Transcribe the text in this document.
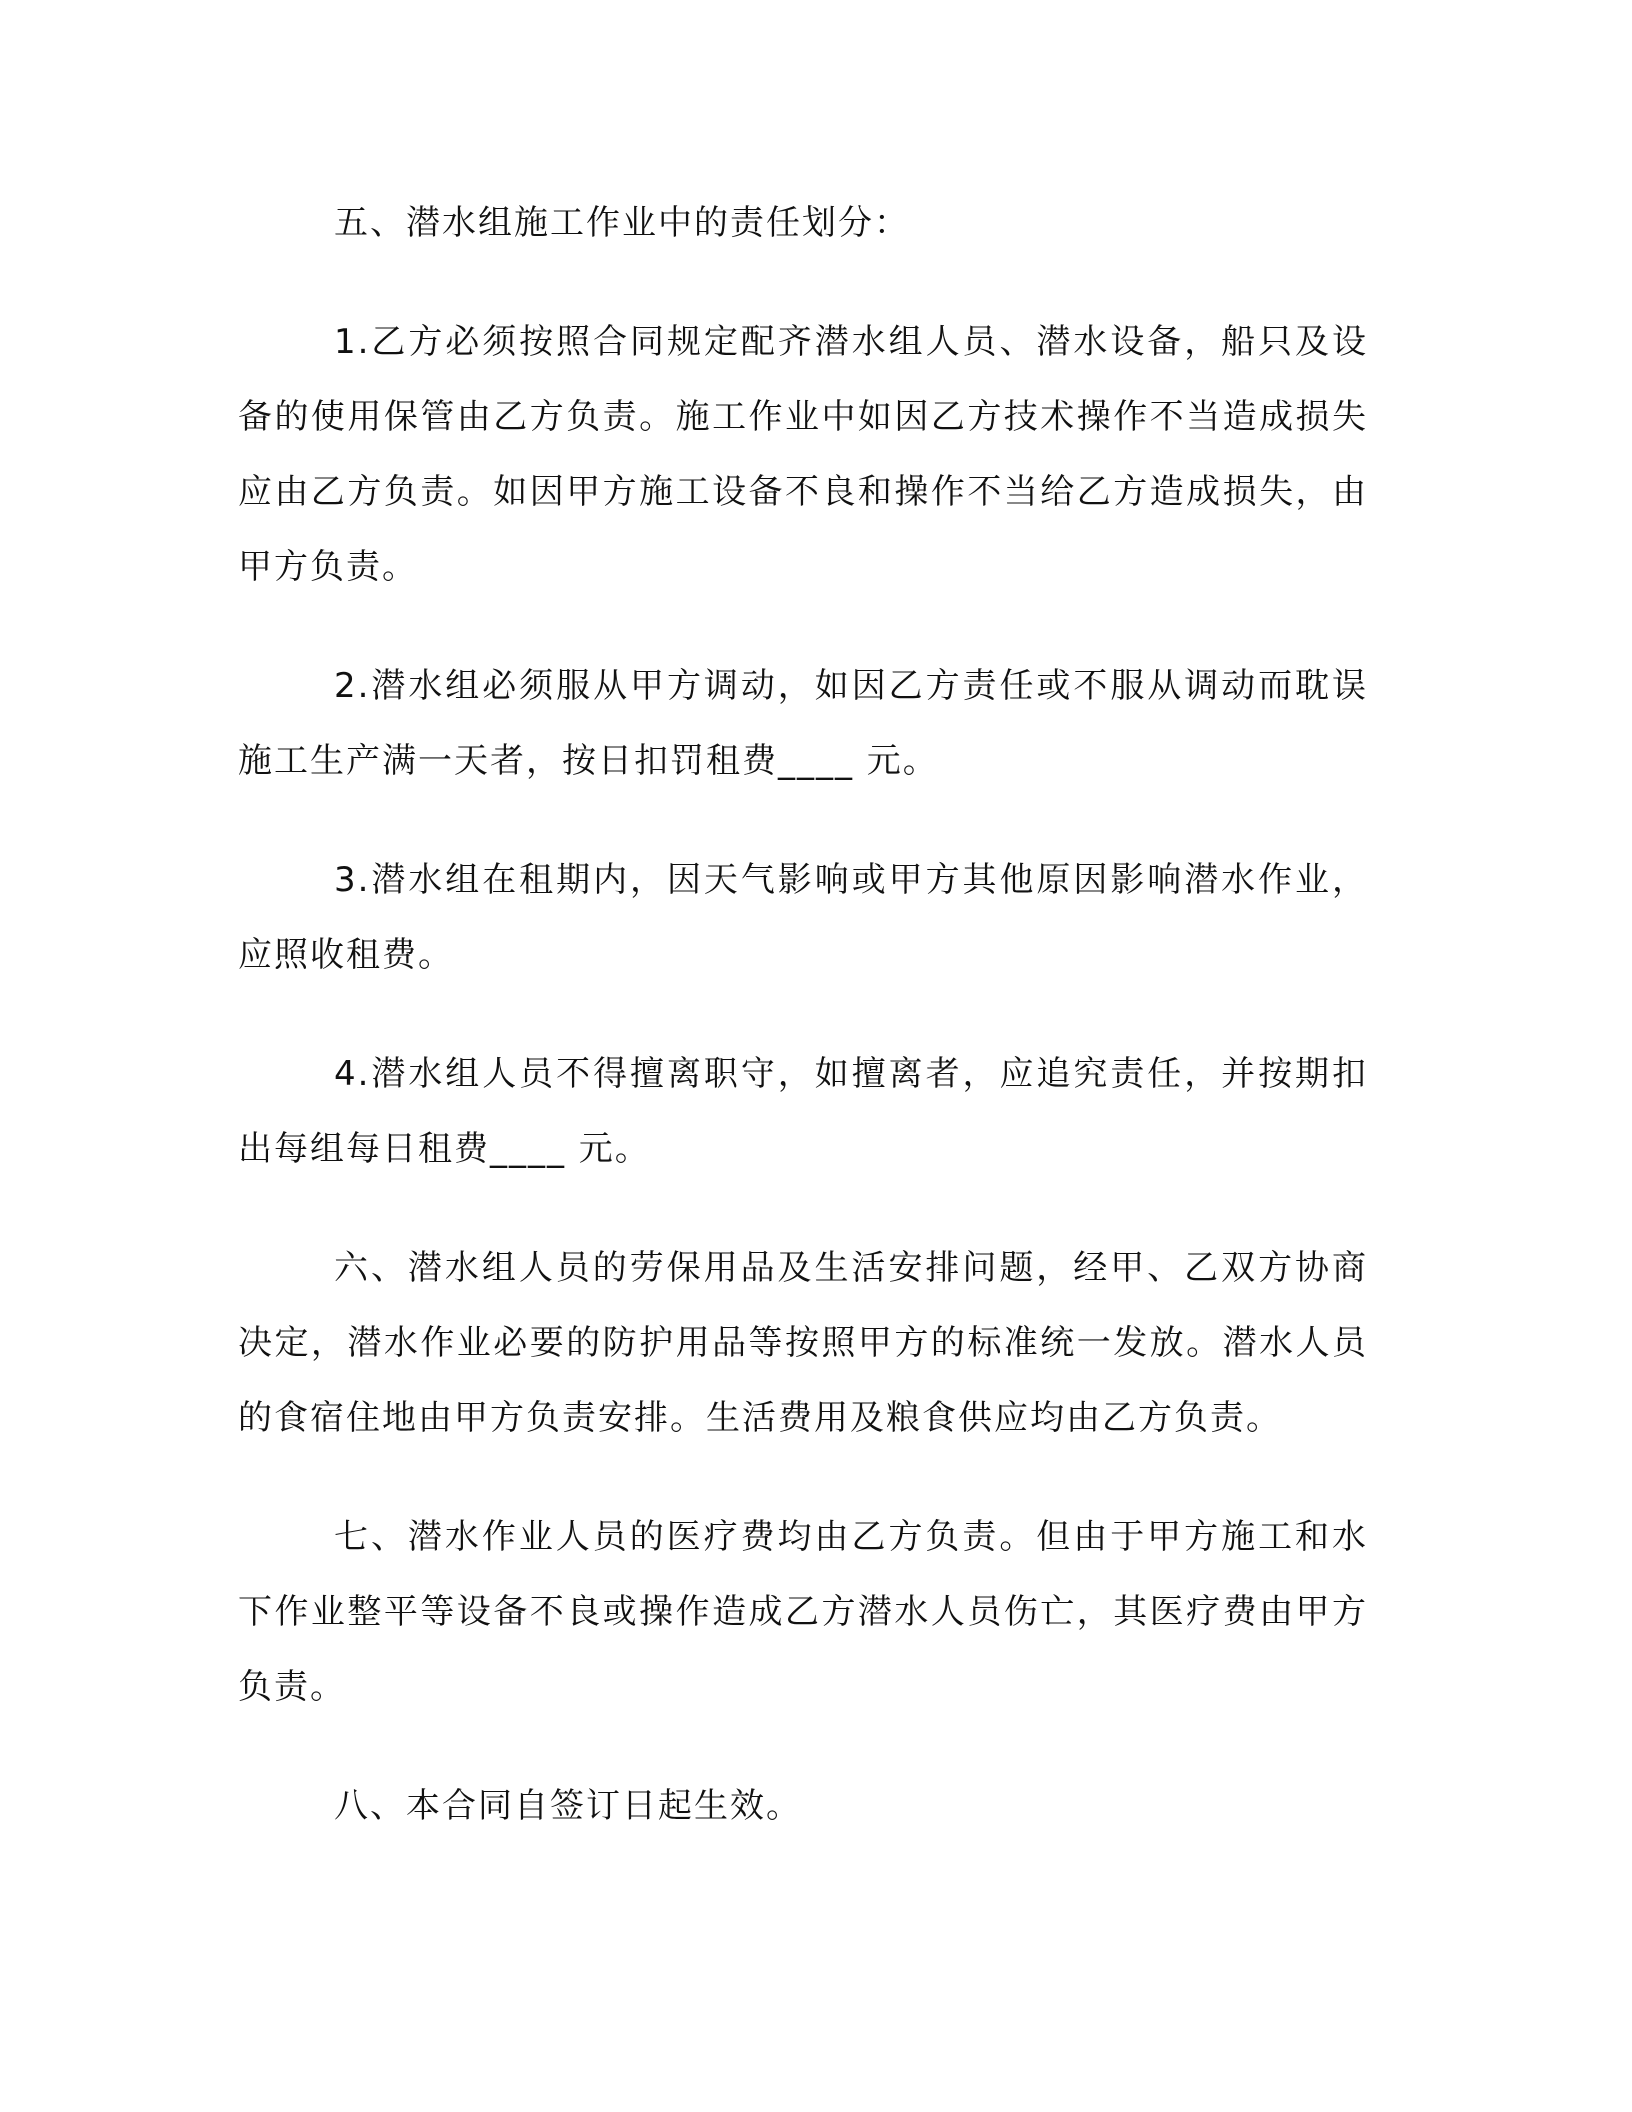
五、潜水组施工作业中的责任划分：

1.乙方必须按照合同规定配齐潜水组人员、潜水设备，船只及设备的使用保管由乙方负责。施工作业中如因乙方技术操作不当造成损失应由乙方负责。如因甲方施工设备不良和操作不当给乙方造成损失，由甲方负责。

2.潜水组必须服从甲方调动，如因乙方责任或不服从调动而耽误施工生产满一天者，按日扣罚租费____ 元。

3.潜水组在租期内，因天气影响或甲方其他原因影响潜水作业，应照收租费。

4.潜水组人员不得擅离职守，如擅离者，应追究责任，并按期扣出每组每日租费____ 元。

六、潜水组人员的劳保用品及生活安排问题，经甲、乙双方协商决定，潜水作业必要的防护用品等按照甲方的标准统一发放。潜水人员的食宿住地由甲方负责安排。生活费用及粮食供应均由乙方负责。

七、潜水作业人员的医疗费均由乙方负责。但由于甲方施工和水下作业整平等设备不良或操作造成乙方潜水人员伤亡，其医疗费由甲方负责。

八、本合同自签订日起生效。
